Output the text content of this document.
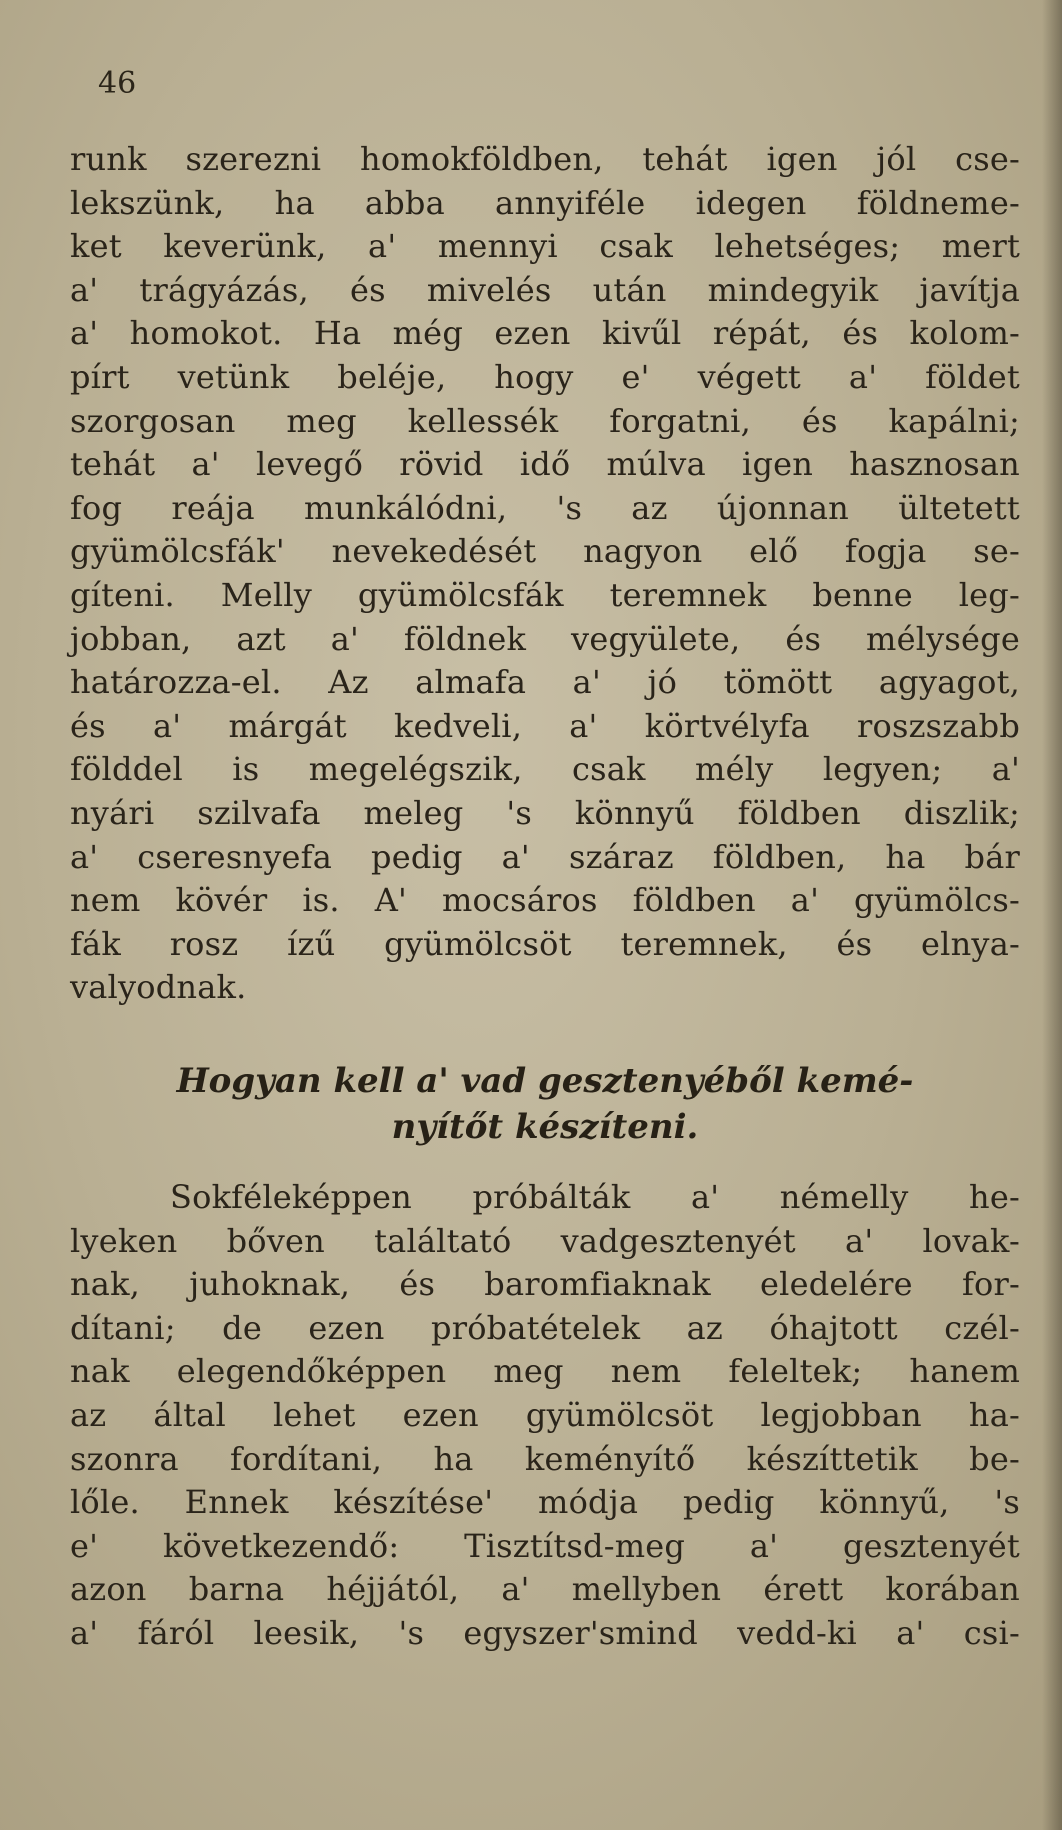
46
runk szerezni homokföldben, tehát igen jól cse-
lekszünk, ha abba annyiféle idegen földneme-
ket keverünk, a' mennyi csak lehetséges; mert
a' trágyázás, és mivelés után mindegyik javítja
a' homokot. Ha még ezen kivűl répát, és kolom-
pírt vetünk beléje, hogy e' végett a' földet
szorgosan meg kellessék forgatni, és kapálni;
tehát a' levegő rövid idő múlva igen hasznosan
fog reája munkálódni, 's az újonnan ültetett
gyümölcsfák' nevekedését nagyon elő fogja se-
gíteni. Melly gyümölcsfák teremnek benne leg-
jobban, azt a' földnek vegyülete, és mélysége
határozza-el. Az almafa a' jó tömött agyagot,
és a' márgát kedveli, a' körtvélyfa roszszabb
földdel is megelégszik, csak mély legyen; a'
nyári szilvafa meleg 's könnyű földben diszlik;
a' cseresnyefa pedig a' száraz földben, ha bár
nem kövér is. A' mocsáros földben a' gyümölcs-
fák rosz ízű gyümölcsöt teremnek, és elnya-
valyodnak.
Hogyan kell a' vad gesztenyéből kemé-
nyítőt készíteni.
Sokféleképpen próbálták a' némelly he-
lyeken bőven találtató vadgesztenyét a' lovak-
nak, juhoknak, és baromfiaknak eledelére for-
dítani; de ezen próbatételek az óhajtott czél-
nak elegendőképpen meg nem feleltek; hanem
az által lehet ezen gyümölcsöt legjobban ha-
szonra fordítani, ha keményítő készíttetik be-
lőle. Ennek készítése' módja pedig könnyű, 's
e' következendő: Tisztítsd-meg a' gesztenyét
azon barna héjjától, a' mellyben érett korában
a' fáról leesik, 's egyszer'smind vedd-ki a' csi-
